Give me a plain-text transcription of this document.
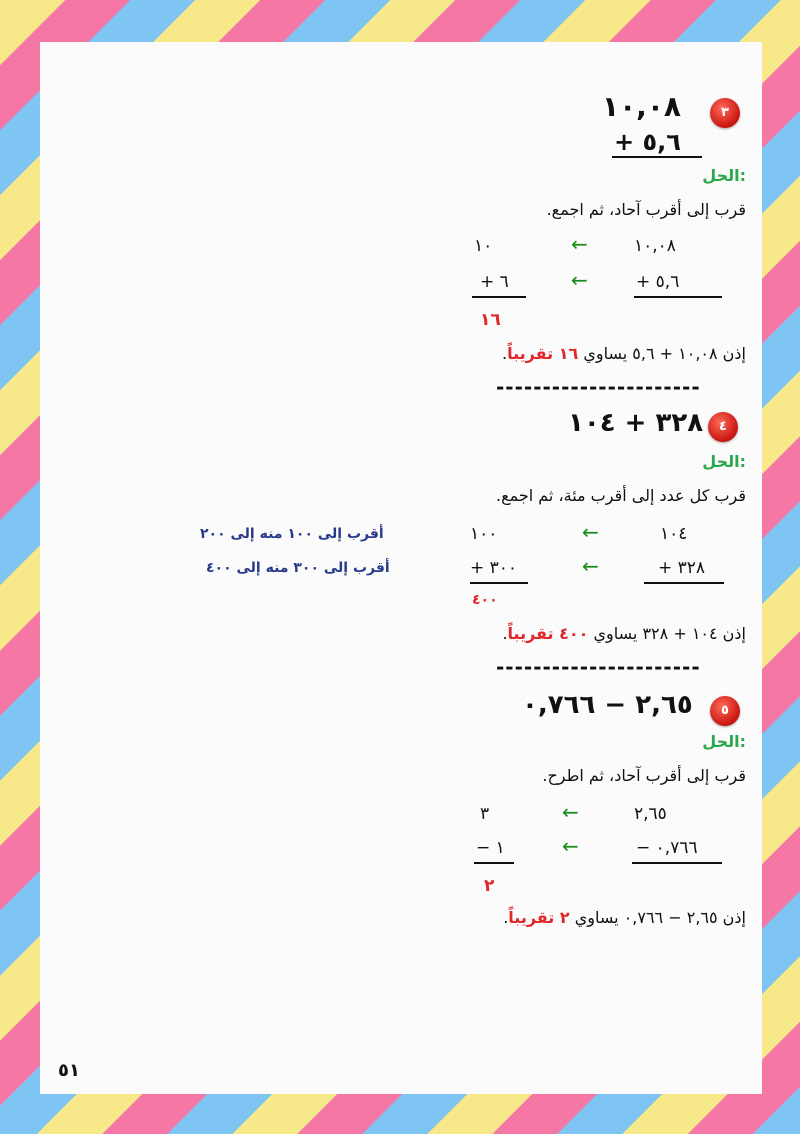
٣
١٠,٠٨
٥,٦ +
الحل:
قرب إلى أقرب آحاد، ثم اجمع.
١٠,٠٨
←
١٠
٥,٦ +
←
٦ +
١٦
إذن ١٠,٠٨ + ٥,٦ يساوي ١٦ تقريباً.
----------------------
٤
٣٢٨ + ١٠٤
الحل:
قرب كل عدد إلى أقرب مئة، ثم اجمع.
أقرب إلى ١٠٠ منه إلى ٢٠٠
أقرب إلى ٣٠٠ منه إلى ٤٠٠
١٠٤
←
١٠٠
٣٢٨ +
←
٣٠٠ +
٤٠٠
إذن ١٠٤ + ٣٢٨ يساوي ٤٠٠ تقريباً.
----------------------
٥
٢,٦٥ − ٠,٧٦٦
الحل:
قرب إلى أقرب آحاد، ثم اطرح.
٢,٦٥
←
٣
٠,٧٦٦ −
←
١ −
٢
إذن ٢,٦٥ − ٠,٧٦٦ يساوي ٢ تقريباً.
٥١
